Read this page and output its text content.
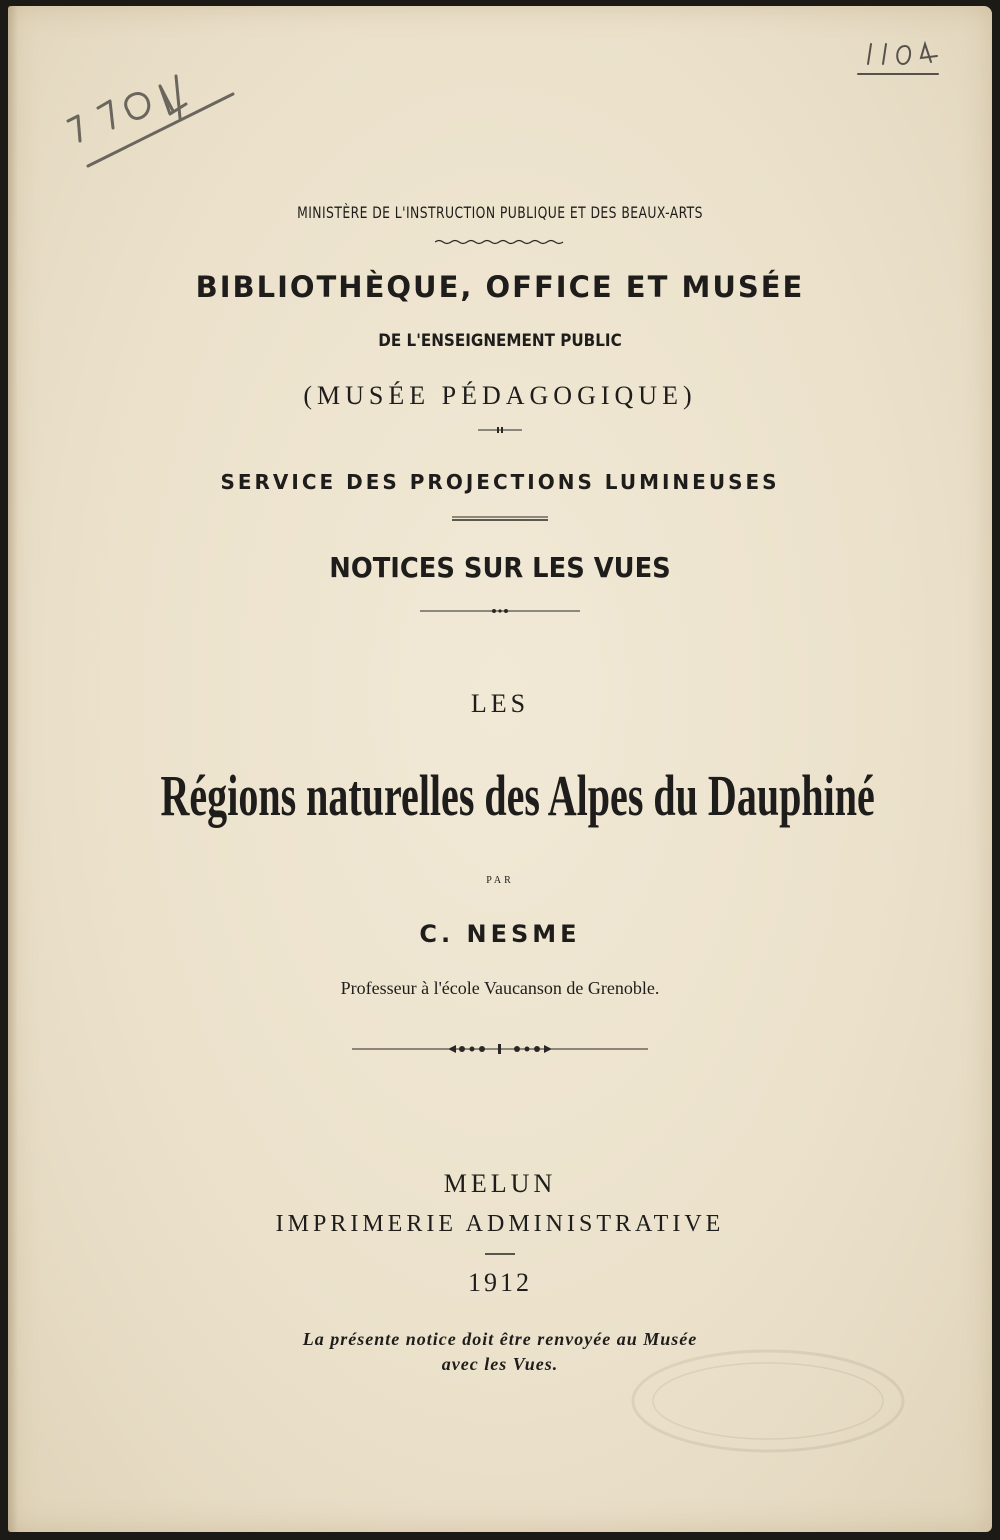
MINISTÈRE DE L'INSTRUCTION PUBLIQUE ET DES BEAUX-ARTS
BIBLIOTHÈQUE, OFFICE ET MUSÉE
DE L'ENSEIGNEMENT PUBLIC
(MUSÉE PÉDAGOGIQUE)
SERVICE DES PROJECTIONS LUMINEUSES
NOTICES SUR LES VUES
LES
Régions naturelles des Alpes du Dauphiné
PAR
C. NESME
Professeur à l'école Vaucanson de Grenoble.
MELUN
IMPRIMERIE ADMINISTRATIVE
1912
La présente notice doit être renvoyée au Musée
avec les Vues.
